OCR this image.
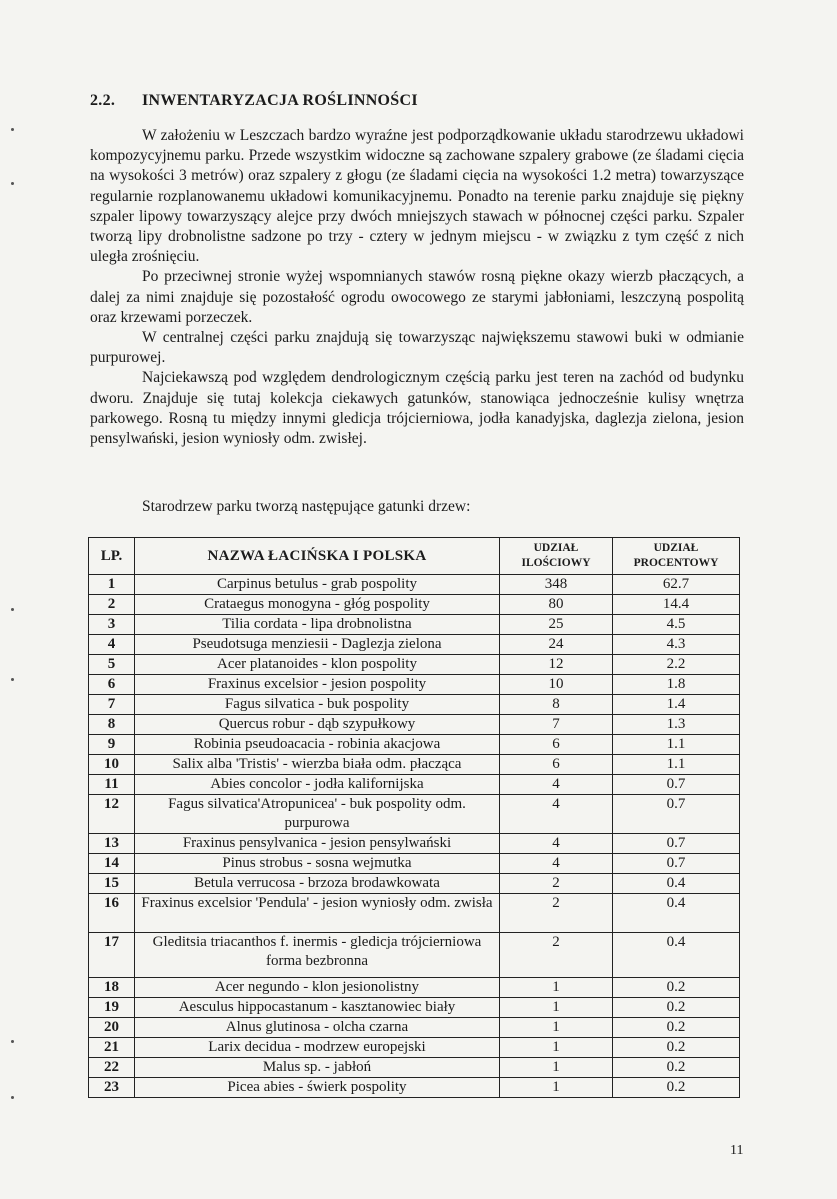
2.2. INWENTARYZACJA ROŚLINNOŚCI

W założeniu w Leszczach bardzo wyraźne jest podporządkowanie układu starodrzewu układowi kompozycyjnemu parku. Przede wszystkim widoczne są zachowane szpalery grabowe (ze śladami cięcia na wysokości 3 metrów) oraz szpalery z głogu (ze śladami cięcia na wysokości 1.2 metra) towarzyszące regularnie rozplanowanemu układowi komunikacyjnemu. Ponadto na terenie parku znajduje się piękny szpaler lipowy towarzyszący alejce przy dwóch mniejszych stawach w północnej części parku. Szpaler tworzą lipy drobnolistne sadzone po trzy - cztery w jednym miejscu - w związku z tym część z nich uległa zrośnięciu.

Po przeciwnej stronie wyżej wspomnianych stawów rosną piękne okazy wierzb płaczących, a dalej za nimi znajduje się pozostałość ogrodu owocowego ze starymi jabłoniami, leszczyną pospolitą oraz krzewami porzeczek.

W centralnej części parku znajdują się towarzysząc największemu stawowi buki w odmianie purpurowej.

Najciekawszą pod względem dendrologicznym częścią parku jest teren na zachód od budynku dworu. Znajduje się tutaj kolekcja ciekawych gatunków, stanowiąca jednocześnie kulisy wnętrza parkowego. Rosną tu między innymi gledicja trójcierniowa, jodła kanadyjska, daglezja zielona, jesion pensylwański, jesion wyniosły odm. zwisłej.

Starodrzew parku tworzą następujące gatunki drzew:
LP.	NAZWA ŁACIŃSKA I POLSKA	UDZIAŁ ILOŚCIOWY	UDZIAŁ PROCENTOWY
1	Carpinus betulus - grab pospolity	348	62.7
2	Crataegus monogyna - głóg pospolity	80	14.4
3	Tilia cordata - lipa drobnolistna	25	4.5
4	Pseudotsuga menziesii - Daglezja zielona	24	4.3
5	Acer platanoides - klon pospolity	12	2.2
6	Fraxinus excelsior - jesion pospolity	10	1.8
7	Fagus silvatica - buk pospolity	8	1.4
8	Quercus robur - dąb szypułkowy	7	1.3
9	Robinia pseudoacacia - robinia akacjowa	6	1.1
10	Salix alba 'Tristis' - wierzba biała odm. płacząca	6	1.1
11	Abies concolor - jodła kalifornijska	4	0.7
12	Fagus silvatica'Atropunicea' - buk pospolity odm. purpurowa	4	0.7
13	Fraxinus pensylvanica - jesion pensylwański	4	0.7
14	Pinus strobus - sosna wejmutka	4	0.7
15	Betula verrucosa - brzoza brodawkowata	2	0.4
16	Fraxinus excelsior 'Pendula' - jesion wyniosły odm. zwisła	2	0.4
17	Gleditsia triacanthos f. inermis - gledicja trójcierniowa forma bezbronna	2	0.4
18	Acer negundo - klon jesionolistny	1	0.2
19	Aesculus hippocastanum - kasztanowiec biały	1	0.2
20	Alnus glutinosa - olcha czarna	1	0.2
21	Larix decidua - modrzew europejski	1	0.2
22	Malus sp. - jabłoń	1	0.2
23	Picea abies - świerk pospolity	1	0.2
11
